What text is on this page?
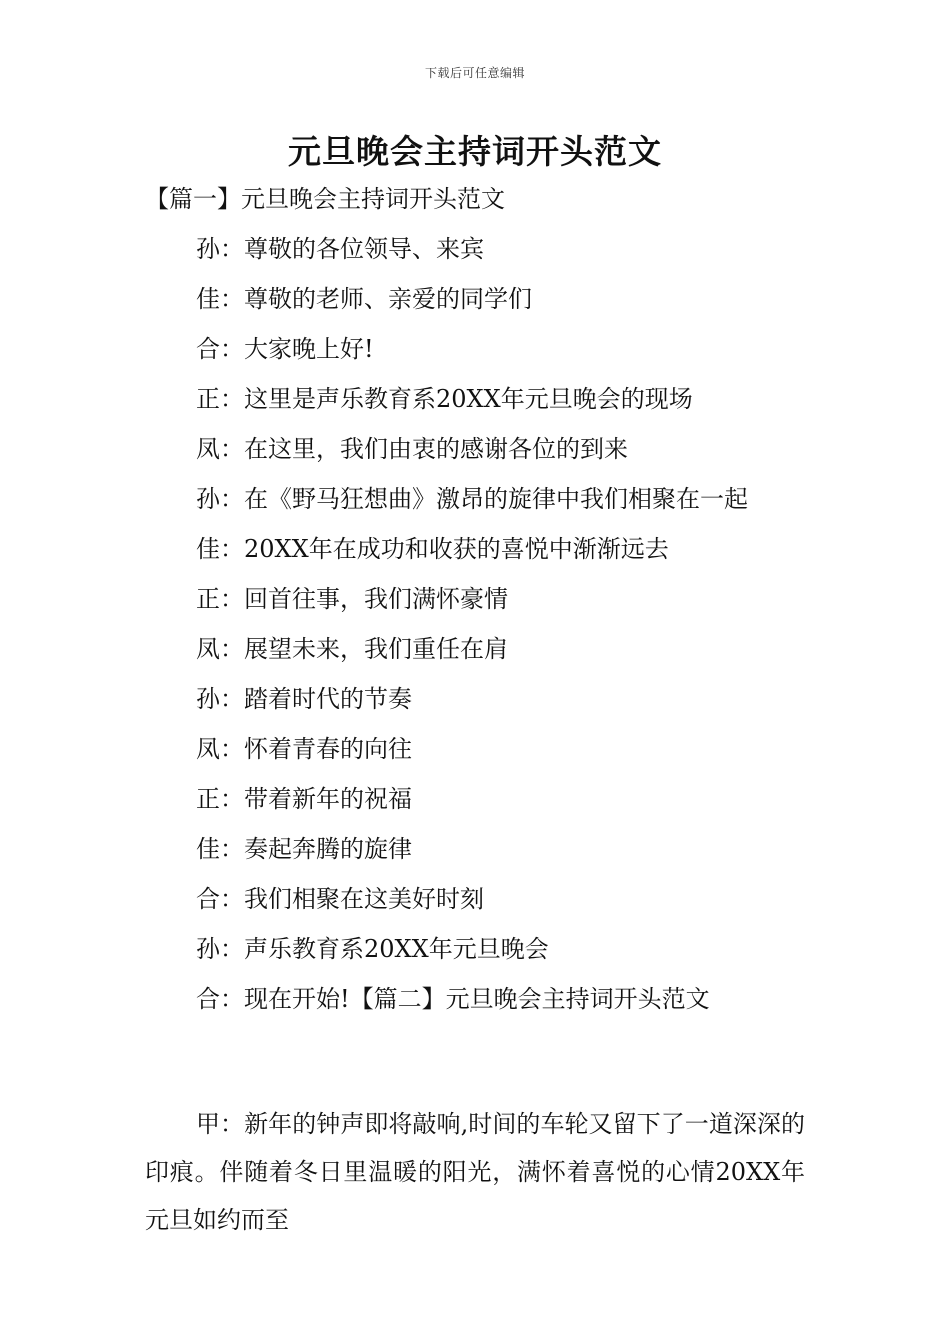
下载后可任意编辑
元旦晚会主持词开头范文
【篇一】元旦晚会主持词开头范文
孙：尊敬的各位领导、来宾
佳：尊敬的老师、亲爱的同学们
合：大家晚上好!
正：这里是声乐教育系20XX年元旦晚会的现场
凤：在这里，我们由衷的感谢各位的到来
孙：在《野马狂想曲》激昂的旋律中我们相聚在一起
佳：20XX年在成功和收获的喜悦中渐渐远去
正：回首往事，我们满怀豪情
凤：展望未来，我们重任在肩
孙：踏着时代的节奏
凤：怀着青春的向往
正：带着新年的祝福
佳：奏起奔腾的旋律
合：我们相聚在这美好时刻
孙：声乐教育系20XX年元旦晚会
合：现在开始!【篇二】元旦晚会主持词开头范文

甲：新年的钟声即将敲响,时间的车轮又留下了一道深深的印痕。伴随着冬日里温暖的阳光，满怀着喜悦的心情20XX年元旦如约而至
